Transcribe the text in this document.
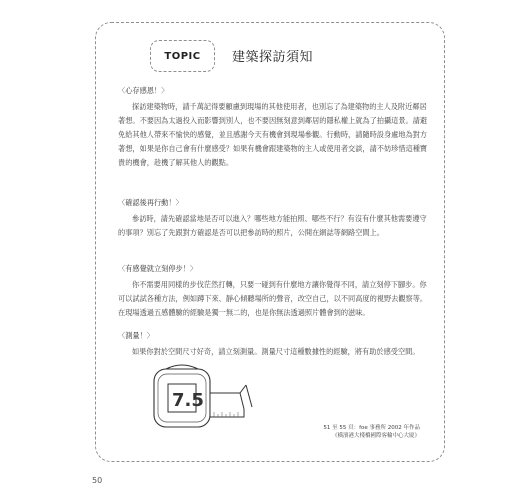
TOPIC 建築探訪須知
〈心存感恩！〉

探訪建築物時，請千萬記得要顧慮到現場的其他使用者，也別忘了為建築物的主人及附近鄰居著想。不要因為太過投入而影響到別人，也不要因無刻意到鄰居的隱私權上就為了拍攝這景。請避免給其他人帶來不愉快的感覺，並且感謝今天有機會到現場參觀。行動時，請隨時設身處地為對方著想，如果是你自己會有什麼感受？如果有機會跟建築物的主人或使用者交談，請不妨珍惜這種寶貴的機會，趁機了解其他人的觀點。

〈確認後再行動！〉

參訪時，請先確認當地是否可以進入？哪些地方能拍照、哪些不行？有沒有什麼其他需要遵守的事項？別忘了先跟對方確認是否可以把參訪時的照片，公開在網誌等網路空間上。

〈有感覺就立刻停步！〉

你不需要用同樣的步伐茫然打轉，只要一碰到有什麼地方讓你覺得不同，請立刻停下腳步。你可以試試各種方法，例如蹲下來、靜心傾聽場所的聲音，改空自己，以不同高度的視野去觀察等。在現場透過五感體驗的經驗是獨一無二的，也是你無法透過照片體會到的滋味。

〈測量！〉

如果你對於空間尺寸好奇，請立刻測量。測量尺寸這種數據性的經驗，將有助於感受空間。

7.5
51 至 55 頁：foe 事務所 2002 年作品
《橫濱港大棧橋國際客輪中心大廈》
50
